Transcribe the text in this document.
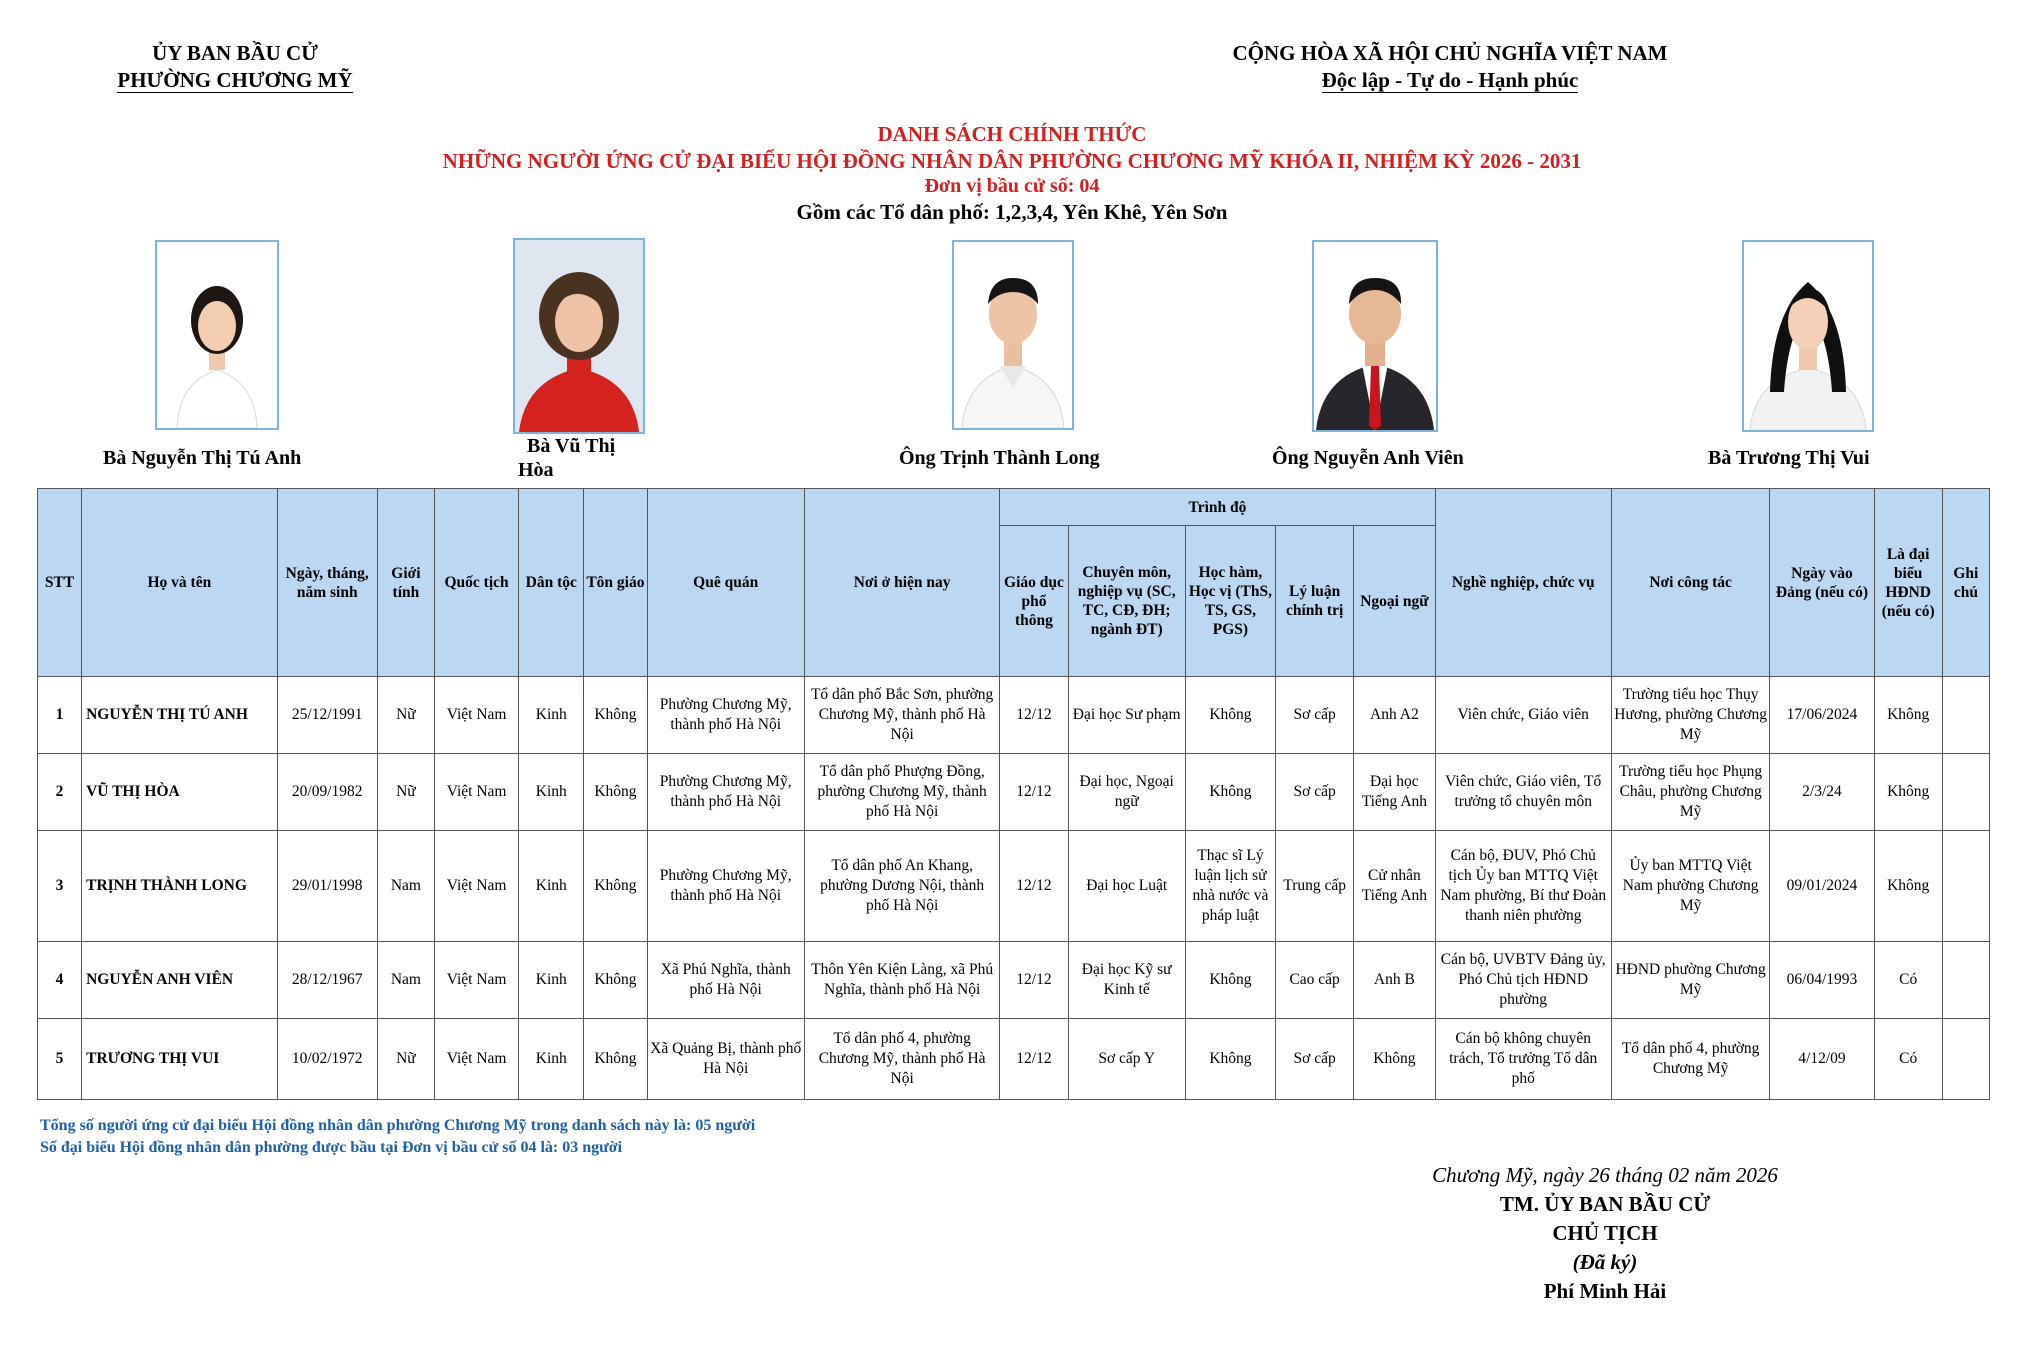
ỦY BAN BẦU CỬ
PHƯỜNG CHƯƠNG MỸ
CỘNG HÒA XÃ HỘI CHỦ NGHĨA VIỆT NAM
Độc lập - Tự do - Hạnh phúc
DANH SÁCH CHÍNH THỨC
NHỮNG NGƯỜI ỨNG CỬ ĐẠI BIỂU HỘI ĐỒNG NHÂN DÂN PHƯỜNG CHƯƠNG MỸ KHÓA II, NHIỆM KỲ 2026 - 2031
Đơn vị bầu cử số: 04
Gồm các Tổ dân phố: 1,2,3,4, Yên Khê, Yên Sơn
Bà Nguyễn Thị Tú Anh
Bà Vũ Thị
Hòa
Ông Trịnh Thành Long	Ông Nguyễn Anh Viên	Bà Trương Thị Vui
STT	Họ và tên	Ngày, tháng, năm sinh	Giới tính	Quốc tịch	Dân tộc	Tôn giáo	Quê quán	Nơi ở hiện nay	Trình độ					Nghề nghiệp, chức vụ	Nơi công tác	Ngày vào Đảng (nếu có)	Là đại biểu HĐND (nếu có)	Ghi chú
									Giáo dục phổ thông	Chuyên môn, nghiệp vụ (SC, TC, CĐ, ĐH; ngành ĐT)	Học hàm, Học vị (ThS, TS, GS, PGS)	Lý luận chính trị	Ngoại ngữ					
1	NGUYỄN THỊ TÚ ANH	25/12/1991	Nữ	Việt Nam	Kinh	Không	Phường Chương Mỹ, thành phố Hà Nội	Tổ dân phố Bắc Sơn, phường Chương Mỹ, thành phố Hà Nội	12/12	Đại học Sư phạm	Không	Sơ cấp	Anh A2	Viên chức, Giáo viên	Trường tiểu học Thụy Hương, phường Chương Mỹ	17/06/2024	Không	
2	VŨ THỊ HÒA	20/09/1982	Nữ	Việt Nam	Kinh	Không	Phường Chương Mỹ, thành phố Hà Nội	Tổ dân phố Phượng Đồng, phường Chương Mỹ, thành phố Hà Nội	12/12	Đại học, Ngoại ngữ	Không	Sơ cấp	Đại học Tiếng Anh	Viên chức, Giáo viên, Tổ trưởng tổ chuyên môn	Trường tiểu học Phụng Châu, phường Chương Mỹ	2/3/24	Không	
3	TRỊNH THÀNH LONG	29/01/1998	Nam	Việt Nam	Kinh	Không	Phường Chương Mỹ, thành phố Hà Nội	Tổ dân phố An Khang, phường Dương Nội, thành phố Hà Nội	12/12	Đại học Luật	Thạc sĩ Lý luận lịch sử nhà nước và pháp luật	Trung cấp	Cử nhân Tiếng Anh	Cán bộ, ĐUV, Phó Chủ tịch Ủy ban MTTQ Việt Nam phường, Bí thư Đoàn thanh niên phường	Ủy ban MTTQ Việt Nam phường Chương Mỹ	09/01/2024	Không	
4	NGUYỄN ANH VIÊN	28/12/1967	Nam	Việt Nam	Kinh	Không	Xã Phú Nghĩa, thành phố Hà Nội	Thôn Yên Kiện Làng, xã Phú Nghĩa, thành phố Hà Nội	12/12	Đại học Kỹ sư Kinh tế	Không	Cao cấp	Anh B	Cán bộ, UVBTV Đảng ủy, Phó Chủ tịch HĐND phường	HĐND phường Chương Mỹ	06/04/1993	Có	
5	TRƯƠNG THỊ VUI	10/02/1972	Nữ	Việt Nam	Kinh	Không	Xã Quảng Bị, thành phố Hà Nội	Tổ dân phố 4, phường Chương Mỹ, thành phố Hà Nội	12/12	Sơ cấp Y	Không	Sơ cấp	Không	Cán bộ không chuyên trách, Tổ trưởng Tổ dân phố	Tổ dân phố 4, phường Chương Mỹ	4/12/09	Có	
Tổng số người ứng cử đại biểu Hội đồng nhân dân phường Chương Mỹ trong danh sách này là: 05 người
Số đại biểu Hội đồng nhân dân phường được bầu tại Đơn vị bầu cử số 04 là: 03 người
Chương Mỹ, ngày 26 tháng 02 năm 2026
TM. ỦY BAN BẦU CỬ
CHỦ TỊCH
(Đã ký)
Phí Minh Hải
